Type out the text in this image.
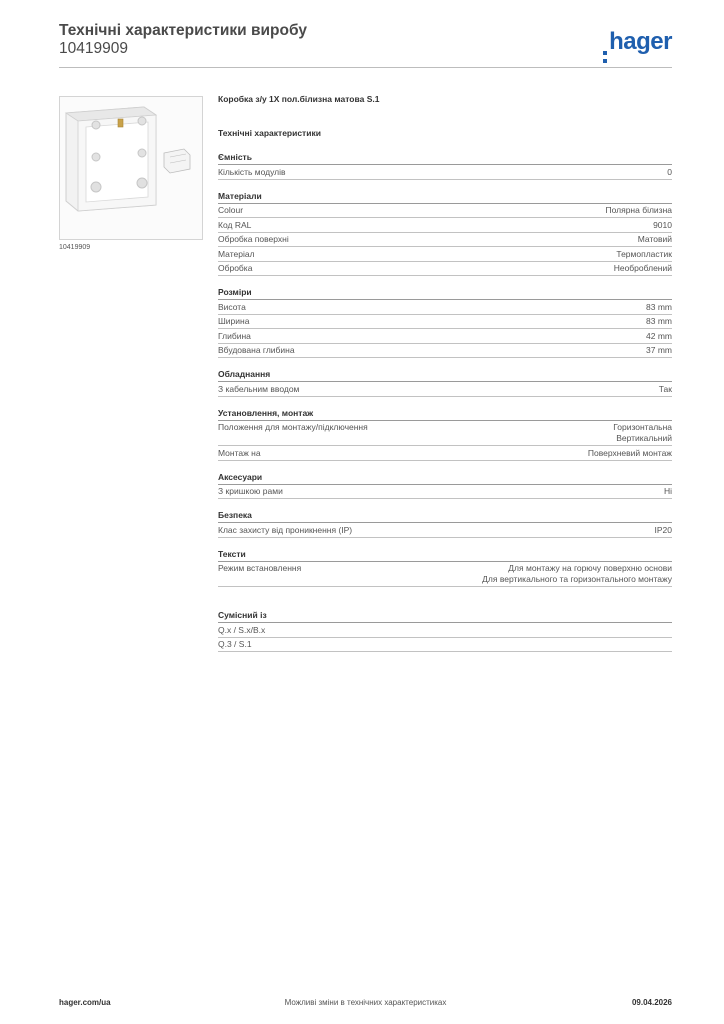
Технічні характеристики виробу
10419909	hager
10419909
Коробка з/у 1X пол.білизна матова S.1
Технічні характеристики
Ємність
Кількість модулів	0
Матеріали
Colour	Полярна білизна
Код RAL	9010
Обробка поверхні	Матовий
Матеріал	Термопластик
Обробка	Необроблений
Розміри
Висота	83 mm
Ширина	83 mm
Глибина	42 mm
Вбудована глибина	37 mm
Обладнання
З кабельним вводом	Так
Установлення, монтаж
Положення для монтажу/підключення	Горизонтальна
Вертикальний
Монтаж на	Поверхневий монтаж
Аксесуари
З кришкою рами	Ні
Безпека
Клас захисту від проникнення (IP)	IP20
Тексти
Режим встановлення	Для монтажу на горючу поверхню основи
Для вертикального та горизонтального монтажу
Сумісний із
Q.x / S.x/B.x
Q.3 / S.1
hager.com/ua	Можливі зміни в технічних характеристиках	09.04.2026
